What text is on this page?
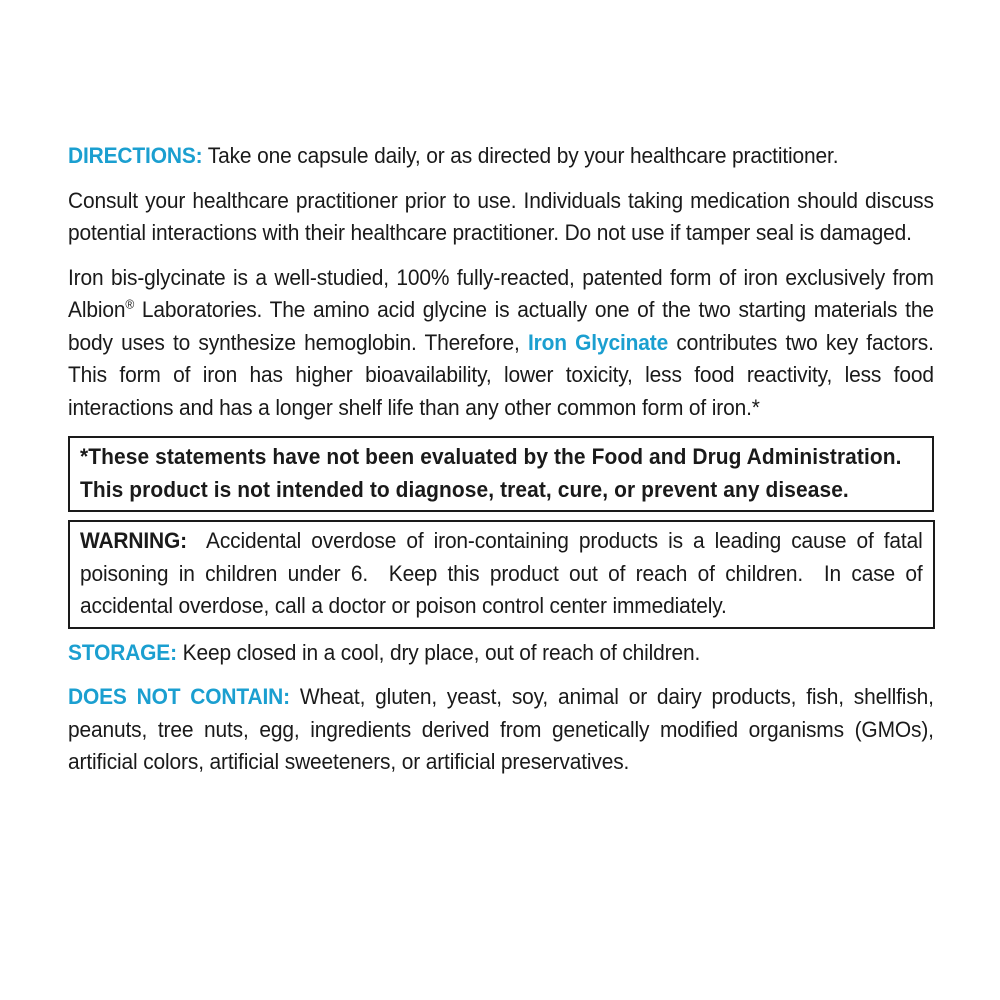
DIRECTIONS: Take one capsule daily, or as directed by your healthcare practitioner.

Consult your healthcare practitioner prior to use. Individuals taking medication should discuss potential interactions with their healthcare practitioner. Do not use if tamper seal is damaged.

Iron bis-glycinate is a well-studied, 100% fully-reacted, patented form of iron exclusively from Albion® Laboratories. The amino acid glycine is actually one of the two starting materials the body uses to synthesize hemoglobin. Therefore, Iron Glycinate contributes two key factors. This form of iron has higher bioavailability, lower toxicity, less food reactivity, less food interactions and has a longer shelf life than any other common form of iron.*

*These statements have not been evaluated by the Food and Drug Administration.

This product is not intended to diagnose, treat, cure, or prevent any disease.

WARNING:  Accidental overdose of iron-containing products is a leading cause of fatal poisoning in children under 6.  Keep this product out of reach of children.  In case of accidental overdose, call a doctor or poison control center immediately.

STORAGE: Keep closed in a cool, dry place, out of reach of children.

DOES NOT CONTAIN: Wheat, gluten, yeast, soy, animal or dairy products, fish, shellfish, peanuts, tree nuts, egg, ingredients derived from genetically modified organisms (GMOs), artificial colors, artificial sweeteners, or artificial preservatives.
